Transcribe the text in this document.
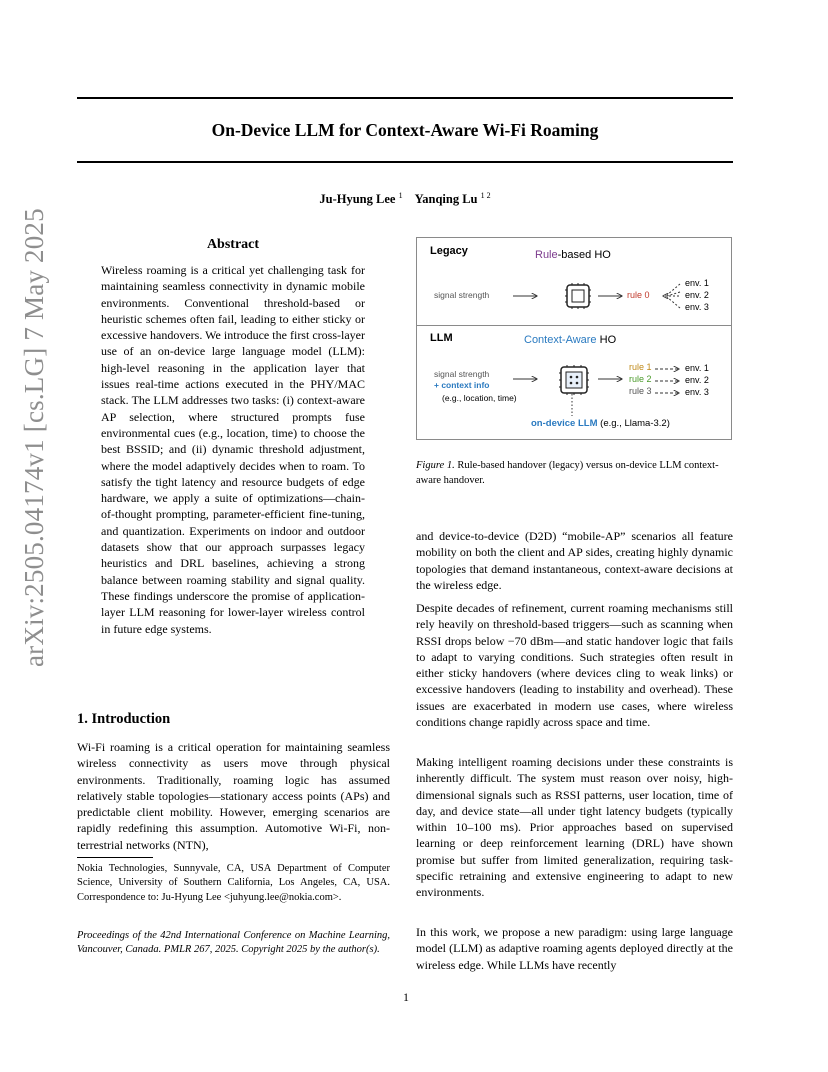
arXiv:2505.04174v1 [cs.LG] 7 May 2025
On-Device LLM for Context-Aware Wi-Fi Roaming
Ju-Hyung Lee $^1$ Yanqing Lu $^{1 2}$
Abstract
Wireless roaming is a critical yet challenging task for maintaining seamless connectivity in dynamic mobile environments. Conventional threshold-based or heuristic schemes often fail, leading to either sticky or excessive handovers. We introduce the first cross-layer use of an on-device large language model (LLM): high-level reasoning in the application layer that issues real-time actions executed in the PHY/MAC stack. The LLM addresses two tasks: (i) context-aware AP selection, where structured prompts fuse environmental cues (e.g., location, time) to choose the best BSSID; and (ii) dynamic threshold adjustment, where the model adaptively decides when to roam. To satisfy the tight latency and resource budgets of edge hardware, we apply a suite of optimizations—chain-of-thought prompting, parameter-efficient fine-tuning, and quantization. Experiments on indoor and outdoor datasets show that our approach surpasses legacy heuristics and DRL baselines, achieving a strong balance between roaming stability and signal quality. These findings underscore the promise of application-layer LLM reasoning for lower-layer wireless control in future edge systems.
1. Introduction
Wi-Fi roaming is a critical operation for maintaining seamless wireless connectivity as users move through physical environments. Traditionally, roaming logic has assumed relatively stable topologies—stationary access points (APs) and predictable client mobility. However, emerging scenarios are rapidly redefining this assumption. Automotive Wi-Fi, non-terrestrial networks (NTN),
Nokia Technologies, Sunnyvale, CA, USA Department of Computer Science, University of Southern California, Los Angeles, CA, USA. Correspondence to: Ju-Hyung Lee <juhyung.lee@nokia.com>.
Proceedings of the 42nd International Conference on Machine Learning, Vancouver, Canada. PMLR 267, 2025. Copyright 2025 by the author(s).
Legacy	Rule-based HO
signal strength	rule 0
env. 1
env. 2
env. 3
LLM	Context-Aware HO
signal strength
+ context info
(e.g., location, time)
rule 1
rule 2
rule 3
env. 1
env. 2
env. 3
on-device LLM (e.g., Llama-3.2)
Figure 1. Rule-based handover (legacy) versus on-device LLM context-aware handover.
and device-to-device (D2D) “mobile-AP” scenarios all feature mobility on both the client and AP sides, creating highly dynamic topologies that demand instantaneous, context-aware decisions at the wireless edge.
Despite decades of refinement, current roaming mechanisms still rely heavily on threshold-based triggers—such as scanning when RSSI drops below −70 dBm—and static handover logic that fails to adapt to varying conditions. Such strategies often result in either sticky handovers (where devices cling to weak links) or excessive handovers (leading to instability and overhead). These issues are exacerbated in modern use cases, where wireless conditions change rapidly across space and time.
Making intelligent roaming decisions under these constraints is inherently difficult. The system must reason over noisy, high-dimensional signals such as RSSI patterns, user location, time of day, and device state—all under tight latency budgets (typically within 10–100 ms). Prior approaches based on supervised learning or deep reinforcement learning (DRL) have shown promise but suffer from limited generalization, requiring task-specific retraining and extensive engineering to adapt to new environments.
In this work, we propose a new paradigm: using large language model (LLM) as adaptive roaming agents deployed directly at the wireless edge. While LLMs have recently
1
